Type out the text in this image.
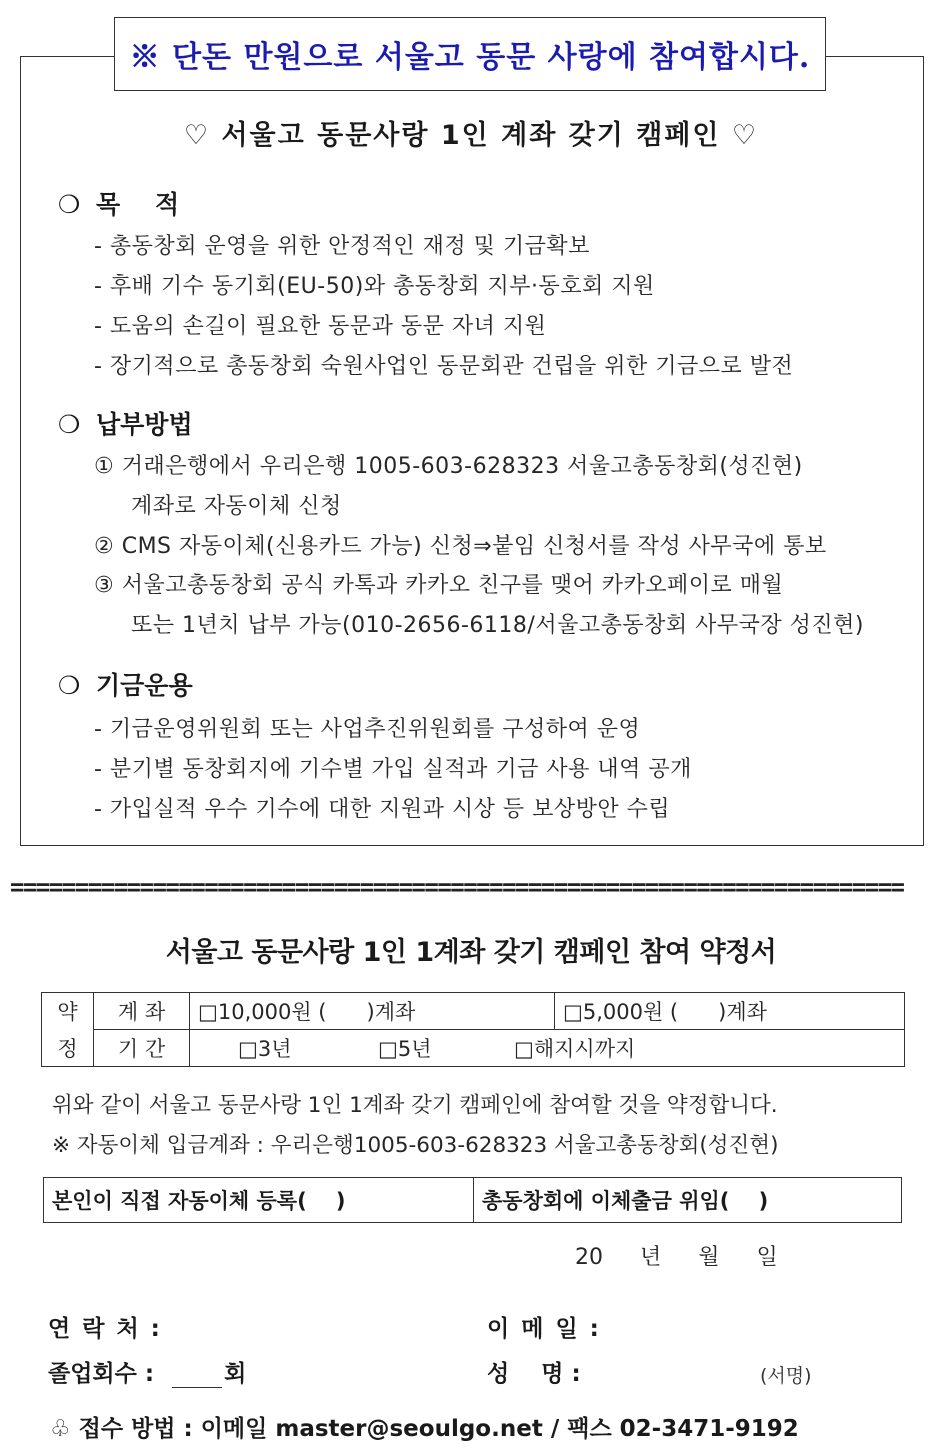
※ 단돈 만원으로 서울고 동문 사랑에 참여합시다.
♡ 서울고 동문사랑 1인 계좌 갖기 캠페인 ♡
❍ 목    적
- 총동창회 운영을 위한 안정적인 재정 및 기금확보
- 후배 기수 동기회(EU-50)와 총동창회 지부·동호회 지원
- 도움의 손길이 필요한 동문과 동문 자녀 지원
- 장기적으로 총동창회 숙원사업인 동문회관 건립을 위한 기금으로 발전
❍ 납부방법
① 거래은행에서 우리은행 1005-603-628323 서울고총동창회(성진현)
계좌로 자동이체 신청
② CMS 자동이체(신용카드 가능) 신청⇒붙임 신청서를 작성 사무국에 통보
③ 서울고총동창회 공식 카톡과 카카오 친구를 맺어 카카오페이로 매월
또는 1년치 납부 가능(010-2656-6118/서울고총동창회 사무국장 성진현)
❍ 기금운용
- 기금운영위원회 또는 사업추진위원회를 구성하여 운영
- 분기별 동창회지에 기수별 가입 실적과 기금 사용 내역 공개
- 가입실적 우수 기수에 대한 지원과 시상 등 보상방안 수립
=====================================================================
서울고 동문사랑 1인 1계좌 갖기 캠페인 참여 약정서
약	계 좌	□10,000원 (      )계좌	□5,000원 (      )계좌
정	기 간	□3년 □5년 □해지시까지	
위와 같이 서울고 동문사랑 1인 1계좌 갖기 캠페인에 참여할 것을 약정합니다.
※ 자동이체 입금계좌 : 우리은행1005-603-628323 서울고총동창회(성진현)
본인이 직접 자동이체 등록(    )	총동창회에 이체출금 위임(    )
20 년 월 일
연 락 처 :	이 메 일 :
졸업회수 :	회	성    명 :	(서명)
♧ 접수 방법 : 이메일 master@seoulgo.net / 팩스 02-3471-9192
